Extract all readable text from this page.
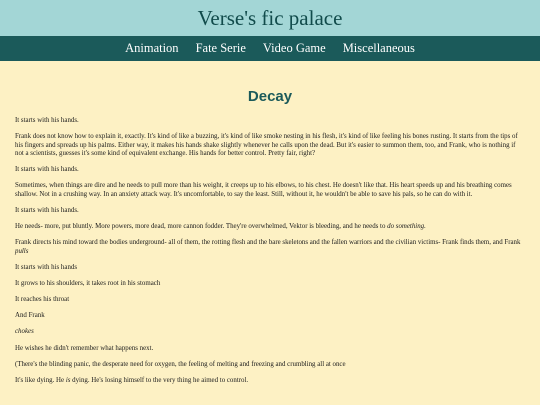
Verse's fic palace
Animation Fate Serie Video Game Miscellaneous
Decay

It starts with his hands.

Frank does not know how to explain it, exactly. It's kind of like a buzzing, it's kind of like smoke nesting in his flesh, it's kind of like feeling his bones rusting. It starts from the tips of his fingers and spreads up his palms. Either way, it makes his hands shake slightly whenever he calls upon the dead. But it's easier to summon them, too, and Frank, who is nothing if not a scientists, guesses it's some kind of equivalent exchange. His hands for better control. Pretty fair, right?

It starts with his hands.

Sometimes, when things are dire and he needs to pull more than his weight, it creeps up to his elbows, to his chest. He doesn't like that. His heart speeds up and his breathing comes shallow. Not in a crushing way. In an anxiety attack way. It's uncomfortable, to say the least. Still, without it, he wouldn't be able to save his pals, so he can do with it.

It starts with his hands.

He needs- more, put bluntly. More powers, more dead, more cannon fodder. They're overwhelmed, Vektor is bleeding, and he needs to do something.

Frank directs his mind toward the bodies underground- all of them, the rotting flesh and the bare skeletons and the fallen warriors and the civilian victims- Frank finds them, and Frank pulls

It starts with his hands

It grows to his shoulders, it takes root in his stomach

It reaches his throat

And Frank

chokes

He wishes he didn't remember what happens next.

(There's the blinding panic, the desperate need for oxygen, the feeling of melting and freezing and crumbling all at once

It's like dying. He is dying. He's losing himself to the very thing he aimed to control.
